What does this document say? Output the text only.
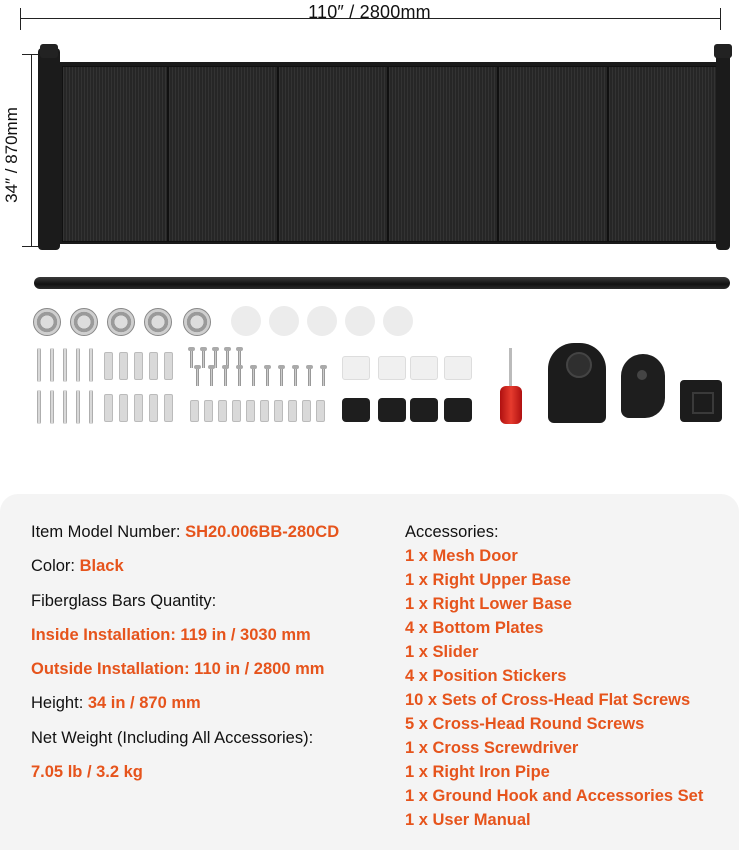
110″ / 2800mm
34″ / 870mm
Item Model Number: SH20.006BB-280CD
Color: Black
Fiberglass Bars Quantity:
Inside Installation: 119 in / 3030 mm
Outside Installation: 110 in / 2800 mm
Height: 34 in / 870 mm
Net Weight (Including All Accessories):
7.05 lb / 3.2 kg
Accessories:
1 x Mesh Door
1 x Right Upper Base
1 x Right Lower Base
4 x Bottom Plates
1 x Slider
4 x Position Stickers
10 x Sets of Cross-Head Flat Screws
5 x Cross-Head Round Screws
1 x Cross Screwdriver
1 x Right Iron Pipe
1 x Ground Hook and Accessories Set
1 x User Manual
